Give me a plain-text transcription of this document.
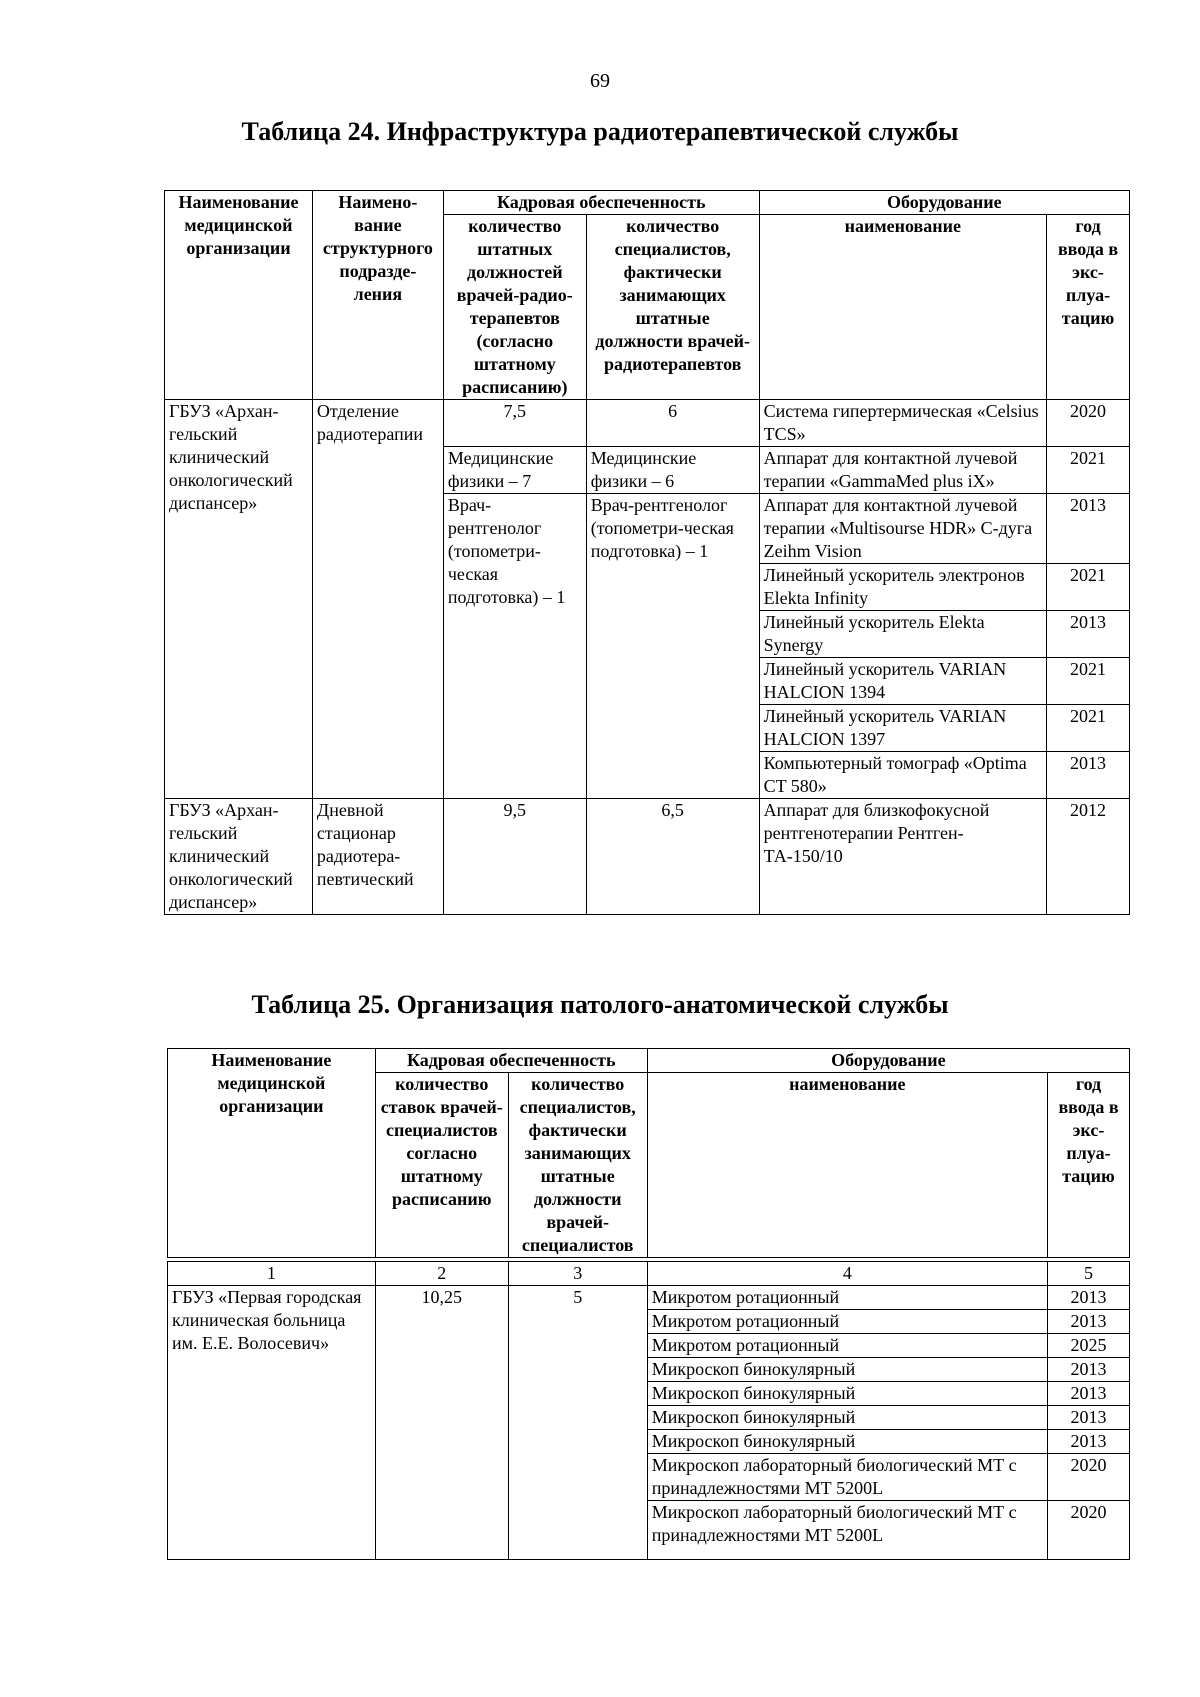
69
Таблица 24. Инфраструктура радиотерапевтической службы
Наименование медицинской организации	Наимено-вание структурного подразде-ления	Кадровая обеспеченность		Оборудование	
		количество штатных должностей врачей-радио-терапевтов (согласно штатному расписанию)	количество специалистов, фактически занимающих штатные должности врачей-радиотерапевтов	наименование	год ввода в экс-плуа-тацию
ГБУЗ «Архан-гельский клинический онкологический диспансер»	Отделение радиотерапии	7,5	6	Система гипертермическая «Celsius TCS»	2020
		Медицинские физики – 7	Медицинские физики – 6	Аппарат для контактной лучевой терапии «GammaMed plus iX»	2021
		Врач-рентгенолог (топометри-ческая подготовка) – 1	Врач-рентгенолог (топометри-ческая подготовка) – 1	Аппарат для контактной лучевой терапии «Multisourse HDR» С-дуга Zeihm Vision	2013
				Линейный ускоритель электронов Elekta Infinity	2021
				Линейный ускоритель Elekta Synergy	2013
				Линейный ускоритель VARIAN HALCION 1394	2021
				Линейный ускоритель VARIAN HALCION 1397	2021
				Компьютерный томограф «Optima CT 580»	2013
ГБУЗ «Архан-гельский клинический онкологический диспансер»	Дневной стационар радиотера-певтический	9,5	6,5	Аппарат для близкофокусной рентгенотерапии Рентген-ТА-150/10	2012
Таблица 25. Организация патолого-анатомической службы
Наименование медицинской организации	Кадровая обеспеченность		Оборудование	
	количество ставок врачей-специалистов согласно штатному расписанию	количество специалистов, фактически занимающих штатные должности врачей-специалистов	наименование	год ввода в экс-плуа-тацию

1	2	3	4	5
ГБУЗ «Первая городская клиническая больница им. Е.Е. Волосевич»	10,25	5	Микротом ротационный	2013
			Микротом ротационный	2013
			Микротом ротационный	2025
			Микроскоп бинокулярный	2013
			Микроскоп бинокулярный	2013
			Микроскоп бинокулярный	2013
			Микроскоп бинокулярный	2013
			Микроскоп лабораторный биологический МТ с принадлежностями МТ 5200L	2020
			Микроскоп лабораторный биологический МТ с принадлежностями МТ 5200L	2020
